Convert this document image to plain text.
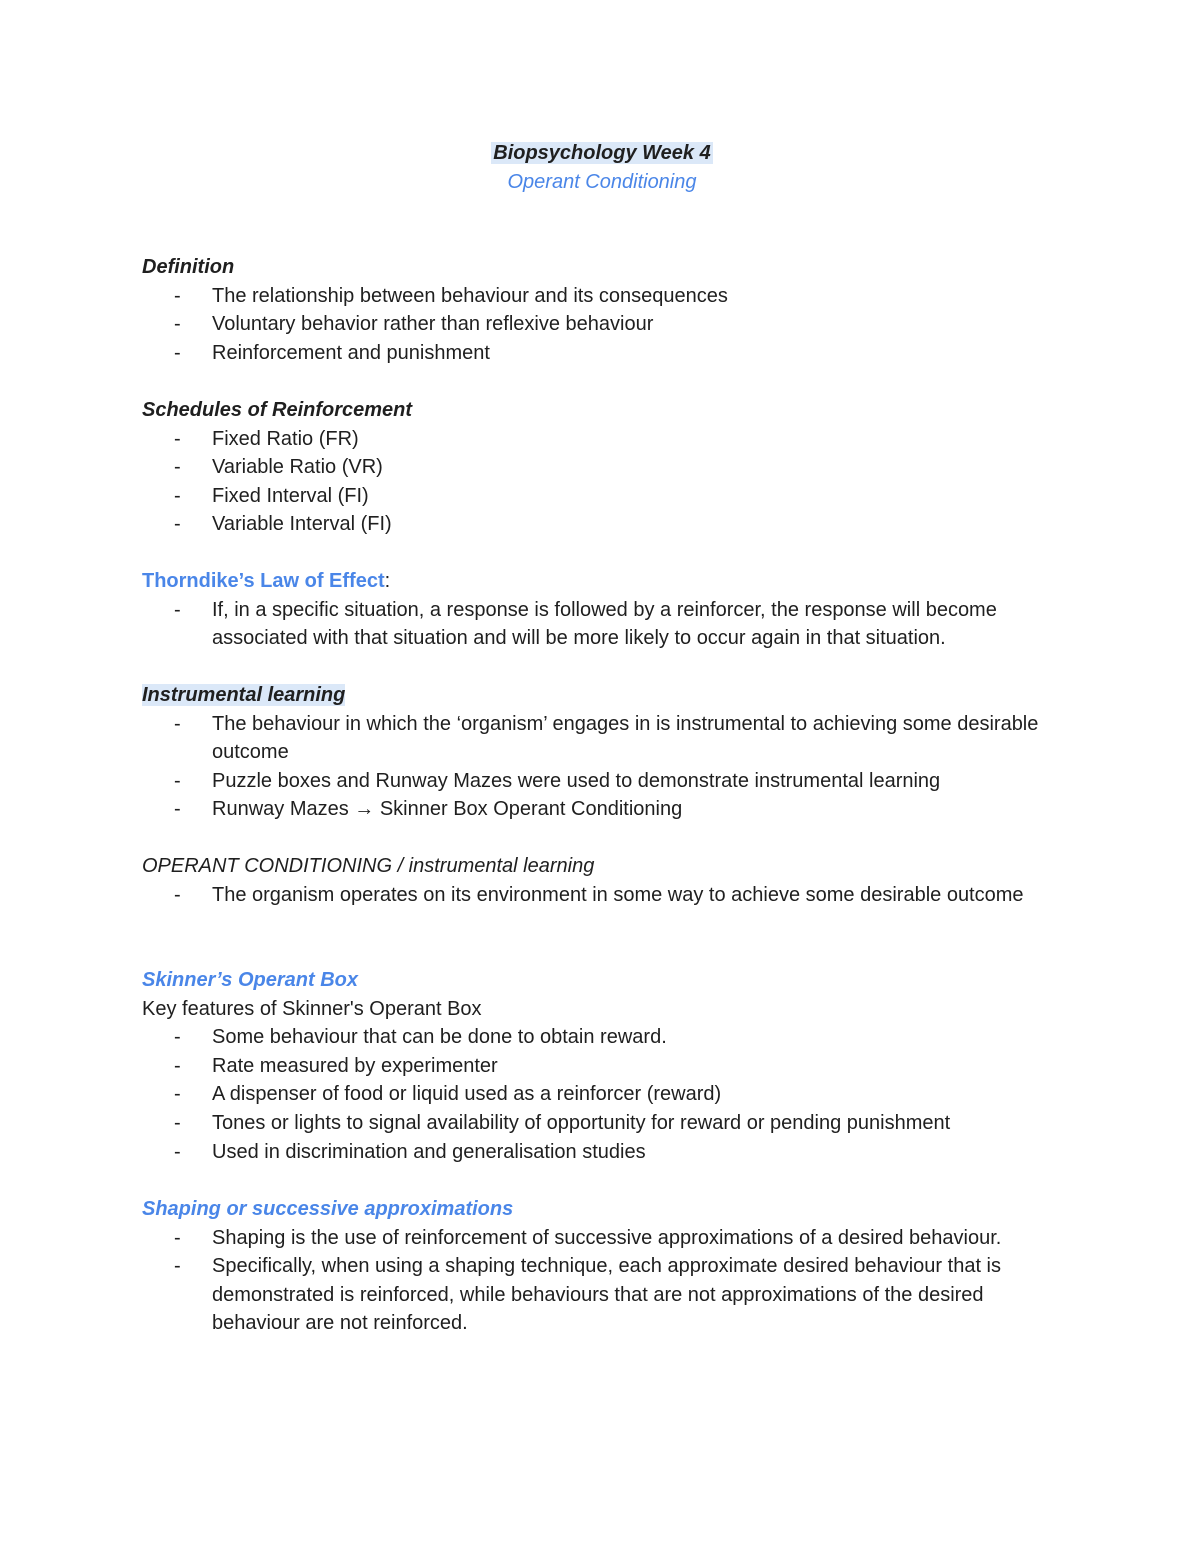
Biopsychology Week 4

Operant Conditioning

Definition

- The relationship between behaviour and its consequences
- Voluntary behavior rather than reflexive behaviour
- Reinforcement and punishment

Schedules of Reinforcement

- Fixed Ratio (FR)
- Variable Ratio (VR)
- Fixed Interval (FI)
- Variable Interval (FI)

Thorndike’s Law of Effect:

- If, in a specific situation, a response is followed by a reinforcer, the response will become associated with that situation and will be more likely to occur again in that situation.

Instrumental learning

- The behaviour in which the ‘organism’ engages in is instrumental to achieving some desirable outcome
- Puzzle boxes and Runway Mazes were used to demonstrate instrumental learning
- Runway Mazes → Skinner Box Operant Conditioning

OPERANT CONDITIONING / instrumental learning

- The organism operates on its environment in some way to achieve some desirable outcome

Skinner’s Operant Box

Key features of Skinner's Operant Box

- Some behaviour that can be done to obtain reward.
- Rate measured by experimenter
- A dispenser of food or liquid used as a reinforcer (reward)
- Tones or lights to signal availability of opportunity for reward or pending punishment
- Used in discrimination and generalisation studies

Shaping or successive approximations

- Shaping is the use of reinforcement of successive approximations of a desired behaviour.
- Specifically, when using a shaping technique, each approximate desired behaviour that is demonstrated is reinforced, while behaviours that are not approximations of the desired behaviour are not reinforced.
